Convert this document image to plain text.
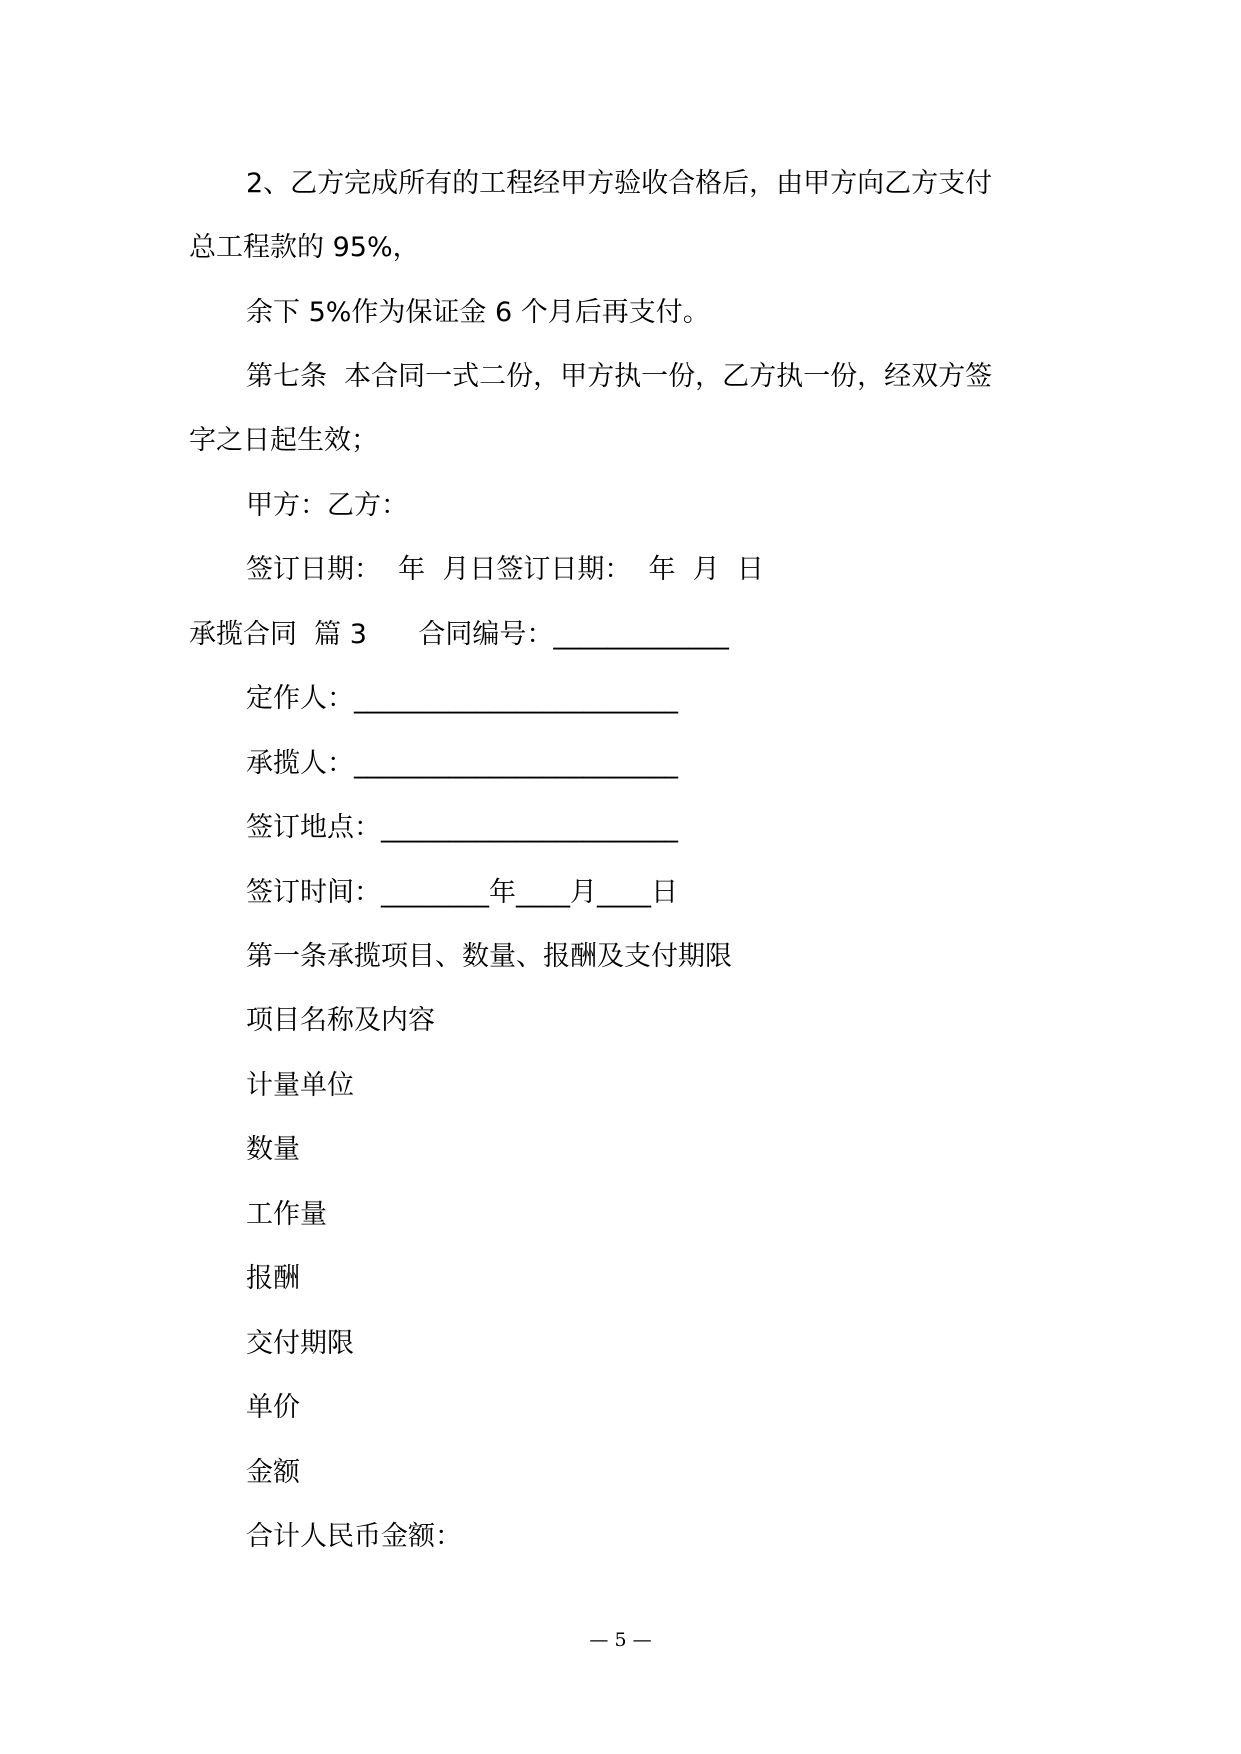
2、乙方完成所有的工程经甲方验收合格后，由甲方向乙方支付
总工程款的 95%，
余下 5%作为保证金 6 个月后再支付。
第七条  本合同一式二份，甲方执一份，乙方执一份，经双方签
字之日起生效；
甲方：乙方：
签订日期：  年  月日签订日期：  年  月  日
承揽合同  篇 3      合同编号：_____________
定作人：________________________
承揽人：________________________
签订地点：______________________
签订时间：________年____月____日
第一条承揽项目、数量、报酬及支付期限
项目名称及内容
计量单位
数量
工作量
报酬
交付期限
单价
金额
合计人民币金额：
— 5 —
